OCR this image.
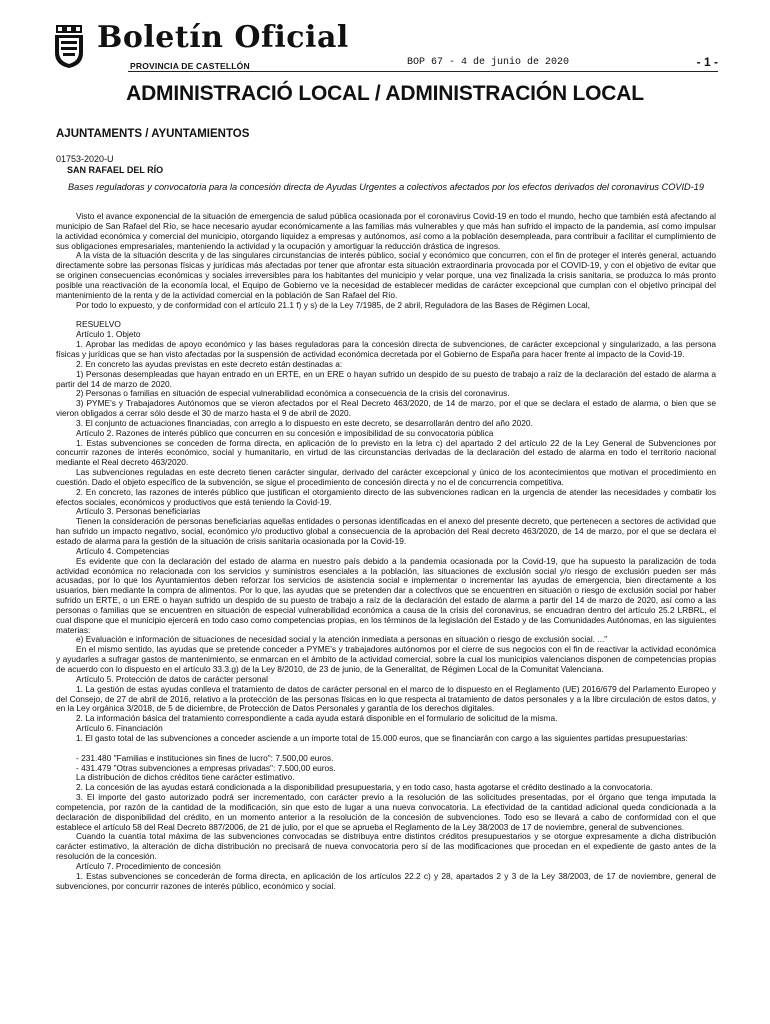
Boletín Oficial
PROVINCIA DE CASTELLÓN	BOP 67 - 4 de junio de 2020	- 1 -
ADMINISTRACIÓ LOCAL / ADMINISTRACIÓN LOCAL
AJUNTAMENTS / AYUNTAMIENTOS
01753-2020-U
SAN RAFAEL DEL RÍO
Bases reguladoras y convocatoria para la concesión directa de Ayudas Urgentes a colectivos afectados por los efectos derivados del coronavirus COVID-19

Visto el avance exponencial de la situación de emergencia de salud pública ocasionada por el coronavirus Covid-19 en todo el mundo, hecho que también está afectando al municipio de San Rafael del Río, se hace necesario ayudar económicamente a las familias más vulnerables y que más han sufrido el impacto de la pandemia, así como impulsar la actividad económica y comercial del municipio, otorgando liquidez a empresas y autónomos, así como a la población desempleada, para contribuir a facilitar el cumplimiento de sus obligaciones empresariales, manteniendo la actividad y la ocupación y amortiguar la reducción drástica de ingresos.

A la vista de la situación descrita y de las singulares circunstancias de interés público, social y económico que concurren, con el fin de proteger el interés general, actuando directamente sobre las personas físicas y jurídicas más afectadas por tener que afrontar esta situación extraordinaria provocada por el COVID-19, y con el objetivo de evitar que se originen consecuencias económicas y sociales irreversibles para los habitantes del municipio y velar porque, una vez finalizada la crisis sanitaria, se produzca lo más pronto posible una reactivación de la economía local, el Equipo de Gobierno ve la necesidad de establecer medidas de carácter excepcional que cumplan con el objetivo principal del mantenimiento de la renta y de la actividad comercial en la población de San Rafael del Río.

Por todo lo expuesto, y de conformidad con el artículo 21.1 f) y s) de la Ley 7/1985, de 2 abril, Reguladora de las Bases de Régimen Local,

RESUELVO

Artículo 1. Objeto

1. Aprobar las medidas de apoyo económico y las bases reguladoras para la concesión directa de subvenciones, de carácter excepcional y singularizado, a las persona físicas y jurídicas que se han visto afectadas por la suspensión de actividad económica decretada por el Gobierno de España para hacer frente al impacto de la Covid-19.

2. En concreto las ayudas previstas en este decreto están destinadas a:

1) Personas desempleadas que hayan entrado en un ERTE, en un ERE o hayan sufrido un despido de su puesto de trabajo a raíz de la declaración del estado de alarma a partir del 14 de marzo de 2020.

2) Personas o familias en situación de especial vulnerabilidad económica a consecuencia de la crisis del coronavirus.

3) PYME's y Trabajadores Autónomos que se vieron afectados por el Real Decreto 463/2020, de 14 de marzo, por el que se declara el estado de alarma, o bien que se vieron obligados a cerrar sólo desde el 30 de marzo hasta el 9 de abril de 2020.

3. El conjunto de actuaciones financiadas, con arreglo a lo dispuesto en este decreto, se desarrollarán dentro del año 2020.

Artículo 2. Razones de interés público que concurren en su concesión e imposibilidad de su convocatoria pública

1. Estas subvenciones se conceden de forma directa, en aplicación de lo previsto en la letra c) del apartado 2 del artículo 22 de la Ley General de Subvenciones por concurrir razones de interés económico, social y humanitario, en virtud de las circunstancias derivadas de la declaración del estado de alarma en todo el territorio nacional mediante el Real decreto 463/2020.

Las subvenciones reguladas en este decreto tienen carácter singular, derivado del carácter excepcional y único de los acontecimientos que motivan el procedimiento en cuestión. Dado el objeto específico de la subvención, se sigue el procedimiento de concesión directa y no el de concurrencia competitiva.

2. En concreto, las razones de interés público que justifican el otorgamiento directo de las subvenciones radican en la urgencia de atender las necesidades y combatir los efectos sociales, económicos y productivos que está teniendo la Covid-19.

Artículo 3. Personas beneficiarias

Tienen la consideración de personas beneficiarias aquellas entidades o personas identificadas en el anexo del presente decreto, que pertenecen a sectores de actividad que han sufrido un impacto negativo, social, económico y/o productivo global a consecuencia de la aprobación del Real decreto 463/2020, de 14 de marzo, por el que se declara el estado de alarma para la gestión de la situación de crisis sanitaria ocasionada por la Covid-19.

Artículo 4. Competencias

Es evidente que con la declaración del estado de alarma en nuestro país debido a la pandemia ocasionada por la Covid-19, que ha supuesto la paralización de toda actividad económica no relacionada con los servicios y suministros esenciales a la población, las situaciones de exclusión social y/o riesgo de exclusión pueden ser más acusadas, por lo que los Ayuntamientos deben reforzar los servicios de asistencia social e implementar o incrementar las ayudas de emergencia, bien directamente a los usuarios, bien mediante la compra de alimentos. Por lo que, las ayudas que se pretenden dar a colectivos que se encuentren en situación o riesgo de exclusión social por haber sufrido un ERTE, o un ERE o hayan sufrido un despido de su puesto de trabajo a raíz de la declaración del estado de alarma a partir del 14 de marzo de 2020, así como a las personas o familias que se encuentren en situación de especial vulnerabilidad económica a causa de la crisis del coronavirus, se encuadran dentro del artículo 25.2 LRBRL, el cual dispone que el municipio ejercerá en todo caso como competencias propias, en los términos de la legislación del Estado y de las Comunidades Autónomas, en las siguientes materias:

e) Evaluación e información de situaciones de necesidad social y la atención inmediata a personas en situación o riesgo de exclusión social. ..."

En el mismo sentido, las ayudas que se pretende conceder a PYME's y trabajadores autónomos por el cierre de sus negocios con el fin de reactivar la actividad económica y ayudarles a sufragar gastos de mantenimiento, se enmarcan en el ámbito de la actividad comercial, sobre la cual los municipios valencianos disponen de competencias propias de acuerdo con lo dispuesto en el artículo 33.3.g) de la Ley 8/2010, de 23 de junio, de la Generalitat, de Régimen Local de la Comunitat Valenciana.

Artículo 5. Protección de datos de carácter personal

1. La gestión de estas ayudas conlleva el tratamiento de datos de carácter personal en el marco de lo dispuesto en el Reglamento (UE) 2016/679 del Parlamento Europeo y del Consejo, de 27 de abril de 2016, relativo a la protección de las personas físicas en lo que respecta al tratamiento de datos personales y a la libre circulación de estos datos, y en la Ley orgánica 3/2018, de 5 de diciembre, de Protección de Datos Personales y garantía de los derechos digitales.

2. La información básica del tratamiento correspondiente a cada ayuda estará disponible en el formulario de solicitud de la misma.

Artículo 6. Financiación

1. El gasto total de las subvenciones a conceder asciende a un importe total de 15.000 euros, que se financiarán con cargo a las siguientes partidas presupuestarias:

- 231.480 "Familias e instituciones sin fines de lucro": 7.500,00 euros.

- 431.479 "Otras subvenciones a empresas privadas": 7.500,00 euros.

La distribución de dichos créditos tiene carácter estimativo.

2. La concesión de las ayudas estará condicionada a la disponibilidad presupuestaria, y en todo caso, hasta agotarse el crédito destinado a la convocatoria.

3. El importe del gasto autorizado podrá ser incrementado, con carácter previo a la resolución de las solicitudes presentadas, por el órgano que tenga imputada la competencia, por razón de la cantidad de la modificación, sin que esto de lugar a una nueva convocatoria. La efectividad de la cantidad adicional queda condicionada a la declaración de disponibilidad del crédito, en un momento anterior a la resolución de la concesión de subvenciones. Todo eso se llevará a cabo de conformidad con el que establece el artículo 58 del Real Decreto 887/2006, de 21 de julio, por el que se aprueba el Reglamento de la Ley 38/2003 de 17 de noviembre, general de subvenciones.

Cuando la cuantía total máxima de las subvenciones convocadas se distribuya entre distintos créditos presupuestarios y se otorgue expresamente a dicha distribución carácter estimativo, la alteración de dicha distribución no precisará de nueva convocatoria pero sí de las modificaciones que procedan en el expediente de gasto antes de la resolución de la concesión.

Artículo 7. Procedimiento de concesión

1. Estas subvenciones se concederán de forma directa, en aplicación de los artículos 22.2 c) y 28, apartados 2 y 3 de la Ley 38/2003, de 17 de noviembre, general de subvenciones, por concurrir razones de interés público, económico y social.
